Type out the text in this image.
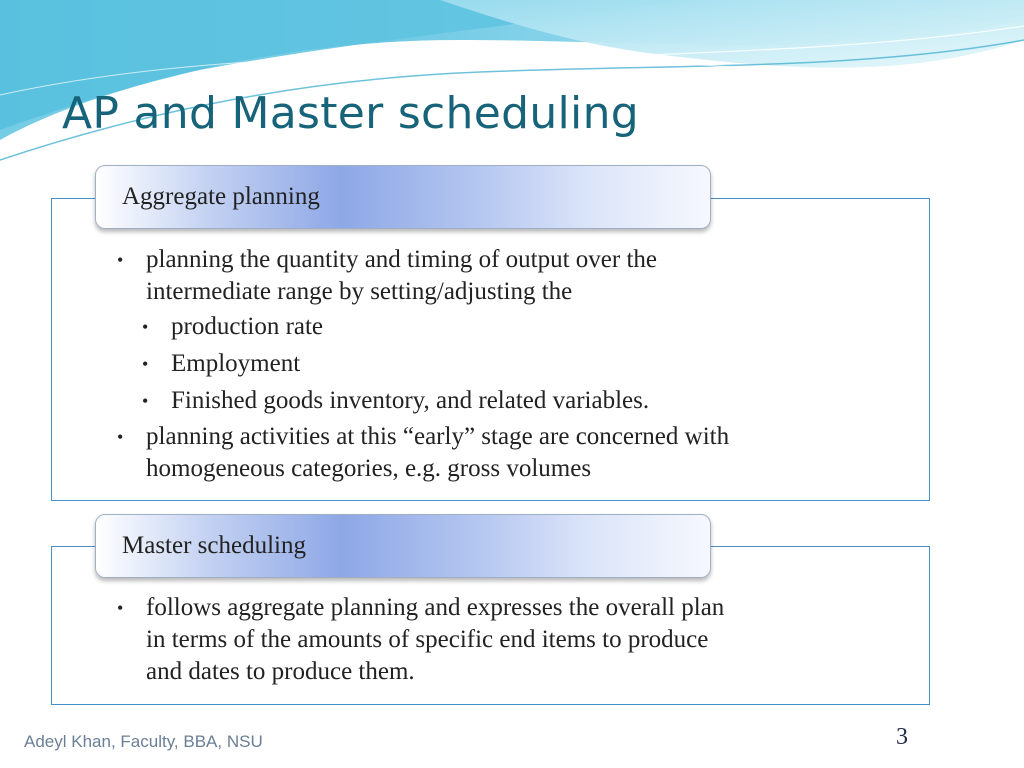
AP and Master scheduling
• planning the quantity and timing of output over the
intermediate range by setting/adjusting the
• production rate
• Employment
• Finished goods inventory, and related variables.
• planning activities at this “early” stage are concerned with
homogeneous categories, e.g. gross volumes
Aggregate planning
• follows aggregate planning and expresses the overall plan
in terms of the amounts of specific end items to produce
and dates to produce them.
Master scheduling
Adeyl Khan, Faculty, BBA, NSU	3
